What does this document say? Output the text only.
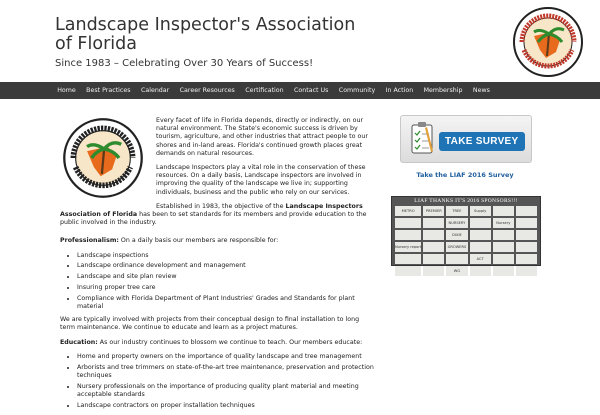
Landscape Inspector's Association of Florida
Since 1983 – Celebrating Over 30 Years of Success!
Home	Best Practices	Calendar	Career Resources	Certification	Contact Us	Community	In Action	Membership	News

Every facet of life in Florida depends, directly or indirectly, on our natural environment. The State's economic success is driven by tourism, agriculture, and other industries that attract people to our shores and in-land areas. Florida's continued growth places great demands on natural resources.

Landscape Inspectors play a vital role in the conservation of these resources. On a daily basis, Landscape inspectors are involved in improving the quality of the landscape we live in; supporting individuals, business and the public who rely on our services.

Established in 1983, the objective of the Landscape Inspectors Association of Florida has been to set standards for its members and provide education to the public involved in the industry.

Professionalism: On a daily basis our members are responsible for:

• Landscape inspections
• Landscape ordinance development and management
• Landscape and site plan review
• Insuring proper tree care
• Compliance with Florida Department of Plant Industries' Grades and Standards for plant material

We are typically involved with projects from their conceptual design to final installation to long term maintenance. We continue to educate and learn as a project matures.

Education: As our industry continues to blossom we continue to teach. Our members educate:

• Home and property owners on the importance of quality landscape and tree management
• Arborists and tree trimmers on state-of-the-art tree maintenance, preservation and protection techniques
• Nursery professionals on the importance of producing quality plant material and meeting acceptable standards
• Landscape contractors on proper installation techniques
TAKE SURVEY
Take the LIAF 2016 Survey
LIAF THANKS IT'S 2016 SPONSORS!!!
METRO	PREMIER	TREE	Supply
NURSERY	Nursery
DIXIE
Nursery report	GROWERS
ACT
WG
